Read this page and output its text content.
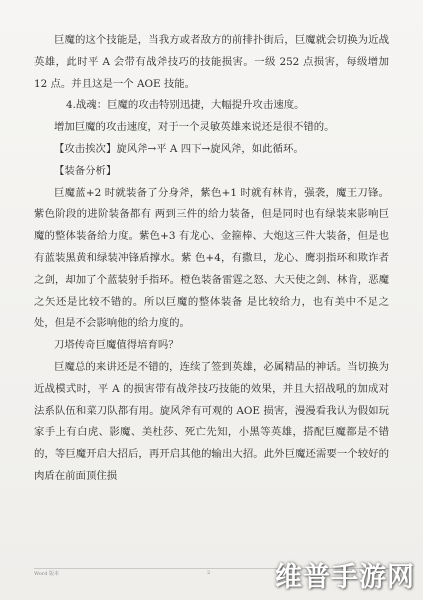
巨魔的这个技能是，当我方或者敌方的前排扑街后，巨魔就会切换为近战英雄，此时平 A 会带有战斧技巧的技能损害。一级 252 点损害，每级增加 12 点。并且这是一个 AOE 技能。

4.战魂：巨魔的攻击特别迅捷，大幅提升攻击速度。

增加巨魔的攻击速度，对于一个灵敏英雄来说还是很不错的。

【攻击挨次】旋风斧→平 A 四下→旋风斧，如此循环。

【装备分析】

巨魔蓝+2 时就装备了分身斧，紫色+1 时就有林肯，强袭，魔王刀锋。紫色阶段的进阶装备都有 两到三件的给力装备，但是同时也有绿装来影响巨魔的整体装备给力度。紫色+3 有龙心、金箍棒、大炮这三件大装备，但是也有蓝装黑黄和绿装冲锋盾撑水。紫 色+4，有撒旦，龙心、鹰羽指环和欺诈者之剑，却加了个蓝装射手指环。橙色装备雷霆之怒、大天使之剑、林肯，恶魔之矢还是比较不错的。所以巨魔的整体装备 是比较给力，也有美中不足之处，但是不会影响他的给力度的。

刀塔传奇巨魔值得培育吗？

巨魔总的来讲还是不错的，连续了签到英雄，必属精品的神话。当切换为近战模式时，平 A 的损害带有战斧技巧技能的效果，并且大招战吼的加成对法系队伍和菜刀队都有用。旋风斧有可观的 AOE 损害，漫漫看我认为假如玩家手上有白虎、影魔、美杜莎、死亡先知，小黑等英雄，搭配巨魔都是不错的，等巨魔开启大招后，再开启其他的输出大招。此外巨魔还需要一个较好的肉盾在前面顶住损

Word 版本	2 维普手游网
